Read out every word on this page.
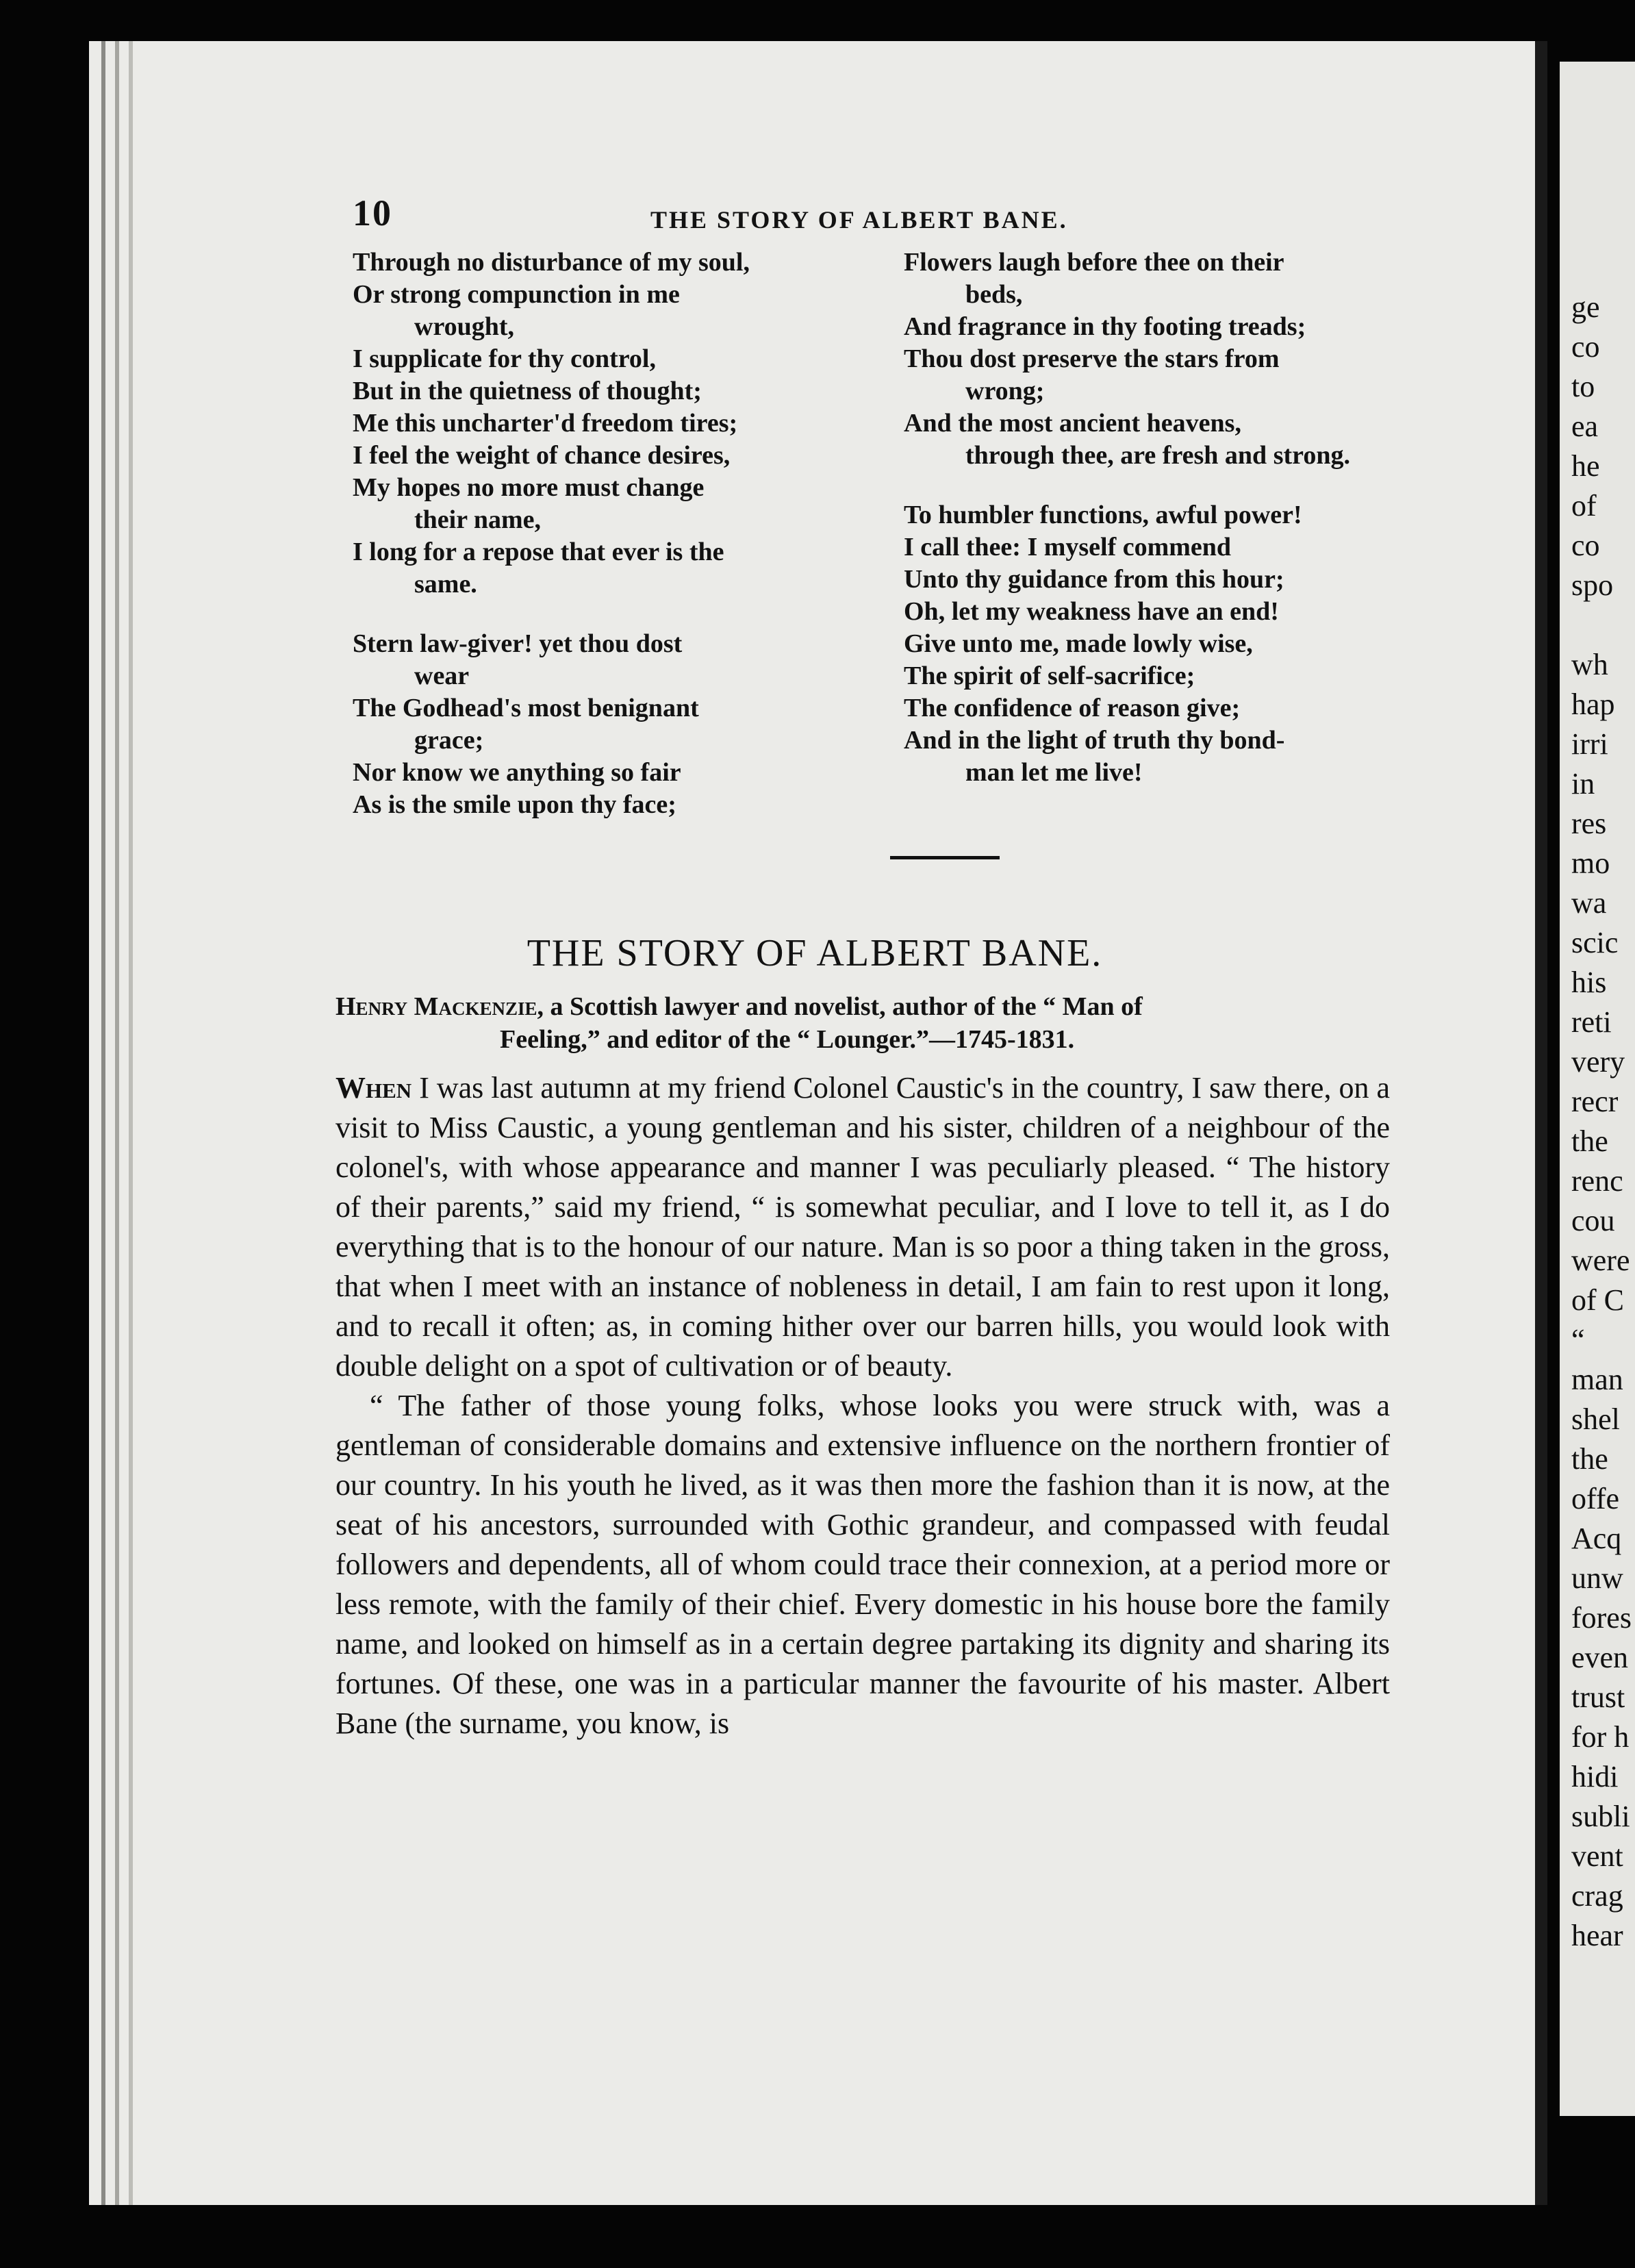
ge
co
to
ea
he
of
co
spo

wh
hap
irri
in
res
mo
wa
scic
his
reti
very
recr
the
renc
cou
were
of C
“
man
shel
the
offe
Acq
unw
fores
even
trust
for h
hidi
subli
vent
crag
hear
10	THE STORY OF ALBERT BANE.
Through no disturbance of my soul,
Or strong compunction in me
wrought,
I supplicate for thy control,
But in the quietness of thought;
Me this uncharter'd freedom tires;
I feel the weight of chance desires,
My hopes no more must change
their name,
I long for a repose that ever is the
same.
Stern law-giver! yet thou dost
wear
The Godhead's most benignant
grace;
Nor know we anything so fair
As is the smile upon thy face;
Flowers laugh before thee on their
beds,
And fragrance in thy footing treads;
Thou dost preserve the stars from
wrong;
And the most ancient heavens,
through thee, are fresh and strong.
To humbler functions, awful power!
I call thee: I myself commend
Unto thy guidance from this hour;
Oh, let my weakness have an end!
Give unto me, made lowly wise,
The spirit of self-sacrifice;
The confidence of reason give;
And in the light of truth thy bond-
man let me live!
THE STORY OF ALBERT BANE.
Henry Mackenzie, a Scottish lawyer and novelist, author of the “ Man of
Feeling,” and editor of the “ Lounger.”—1745-1831.

When I was last autumn at my friend Colonel Caustic's in the country, I saw there, on a visit to Miss Caustic, a young gentleman and his sister, children of a neighbour of the colonel's, with whose appearance and manner I was peculiarly pleased. “ The history of their parents,” said my friend, “ is somewhat peculiar, and I love to tell it, as I do everything that is to the honour of our nature. Man is so poor a thing taken in the gross, that when I meet with an instance of nobleness in detail, I am fain to rest upon it long, and to recall it often; as, in coming hither over our barren hills, you would look with double delight on a spot of cultivation or of beauty.

“ The father of those young folks, whose looks you were struck with, was a gentleman of considerable domains and extensive influence on the northern frontier of our country. In his youth he lived, as it was then more the fashion than it is now, at the seat of his ancestors, surrounded with Gothic grandeur, and compassed with feudal followers and dependents, all of whom could trace their connexion, at a period more or less remote, with the family of their chief. Every domestic in his house bore the family name, and looked on himself as in a certain degree partaking its dignity and sharing its fortunes. Of these, one was in a particular manner the favourite of his master. Albert Bane (the surname, you know, is
